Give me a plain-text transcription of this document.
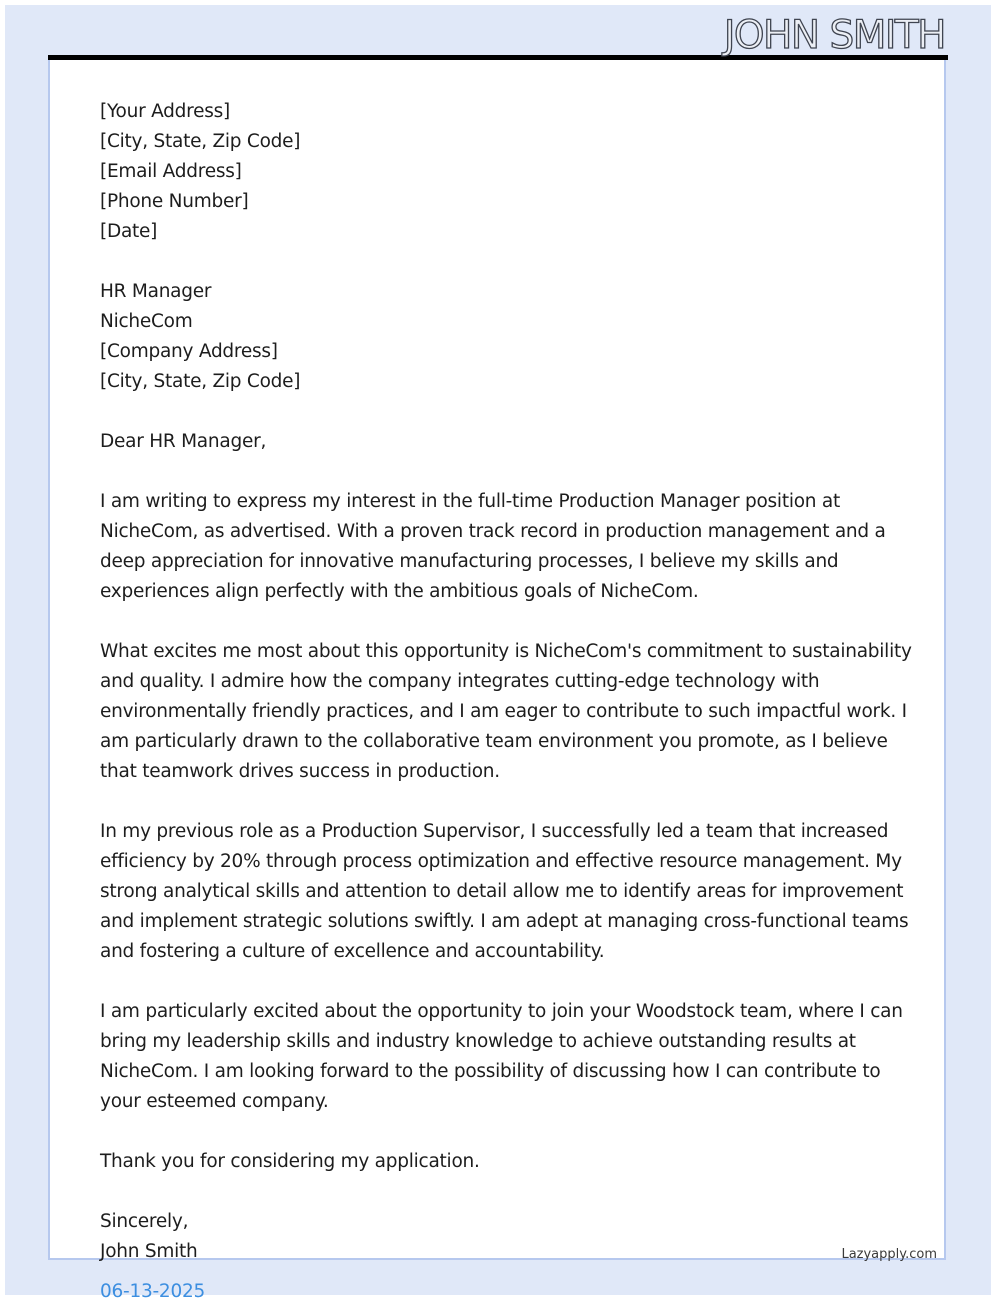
JOHN SMITH
[Your Address]
[City, State, Zip Code]
[Email Address]
[Phone Number]
[Date]
HR Manager
NicheCom
[Company Address]
[City, State, Zip Code]
Dear HR Manager,

I am writing to express my interest in the full-time Production Manager position at
NicheCom, as advertised. With a proven track record in production management and a
deep appreciation for innovative manufacturing processes, I believe my skills and
experiences align perfectly with the ambitious goals of NicheCom.

What excites me most about this opportunity is NicheCom's commitment to sustainability
and quality. I admire how the company integrates cutting-edge technology with
environmentally friendly practices, and I am eager to contribute to such impactful work. I
am particularly drawn to the collaborative team environment you promote, as I believe
that teamwork drives success in production.

In my previous role as a Production Supervisor, I successfully led a team that increased
efficiency by 20% through process optimization and effective resource management. My
strong analytical skills and attention to detail allow me to identify areas for improvement
and implement strategic solutions swiftly. I am adept at managing cross-functional teams
and fostering a culture of excellence and accountability.

I am particularly excited about the opportunity to join your Woodstock team, where I can
bring my leadership skills and industry knowledge to achieve outstanding results at
NicheCom. I am looking forward to the possibility of discussing how I can contribute to
your esteemed company.

Thank you for considering my application.

Sincerely,
John Smith
06-13-2025
Lazyapply.com
